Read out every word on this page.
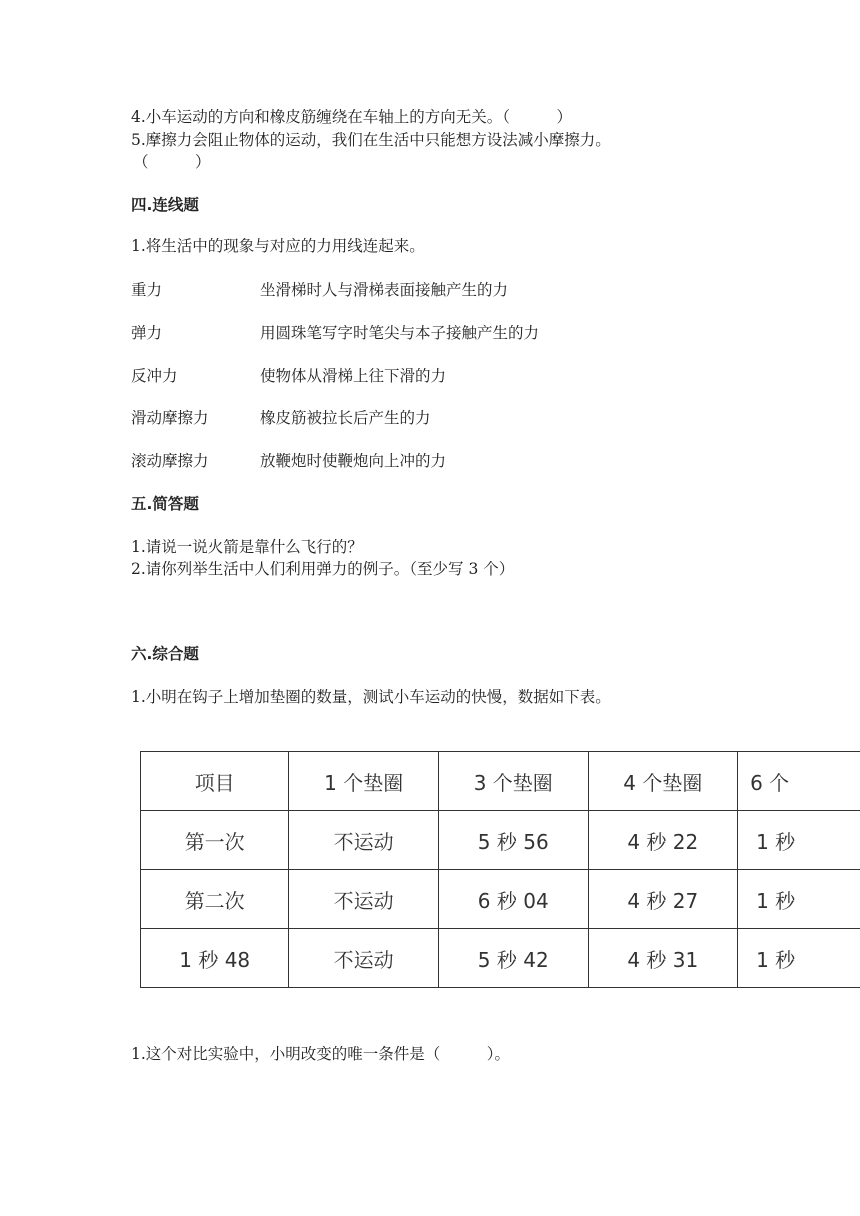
4.小车运动的方向和橡皮筋缠绕在车轴上的方向无关。（　　　）
5.摩擦力会阻止物体的运动，我们在生活中只能想方设法减小摩擦力。
（　　　）
四.连线题
1.将生活中的现象与对应的力用线连起来。
重力	坐滑梯时人与滑梯表面接触产生的力
弹力	用圆珠笔写字时笔尖与本子接触产生的力
反冲力	使物体从滑梯上往下滑的力
滑动摩擦力	橡皮筋被拉长后产生的力
滚动摩擦力	放鞭炮时使鞭炮向上冲的力
五.简答题
1.请说一说火箭是靠什么飞行的？
2.请你列举生活中人们利用弹力的例子。（至少写 3 个）
六.综合题
1.小明在钩子上增加垫圈的数量，测试小车运动的快慢，数据如下表。
项目	1 个垫圈	3 个垫圈	4 个垫圈	6 个
第一次	不运动	5 秒 56	4 秒 22	1 秒
第二次	不运动	6 秒 04	4 秒 27	1 秒
1 秒 48	不运动	5 秒 42	4 秒 31	1 秒
1.这个对比实验中，小明改变的唯一条件是（　　　）。
